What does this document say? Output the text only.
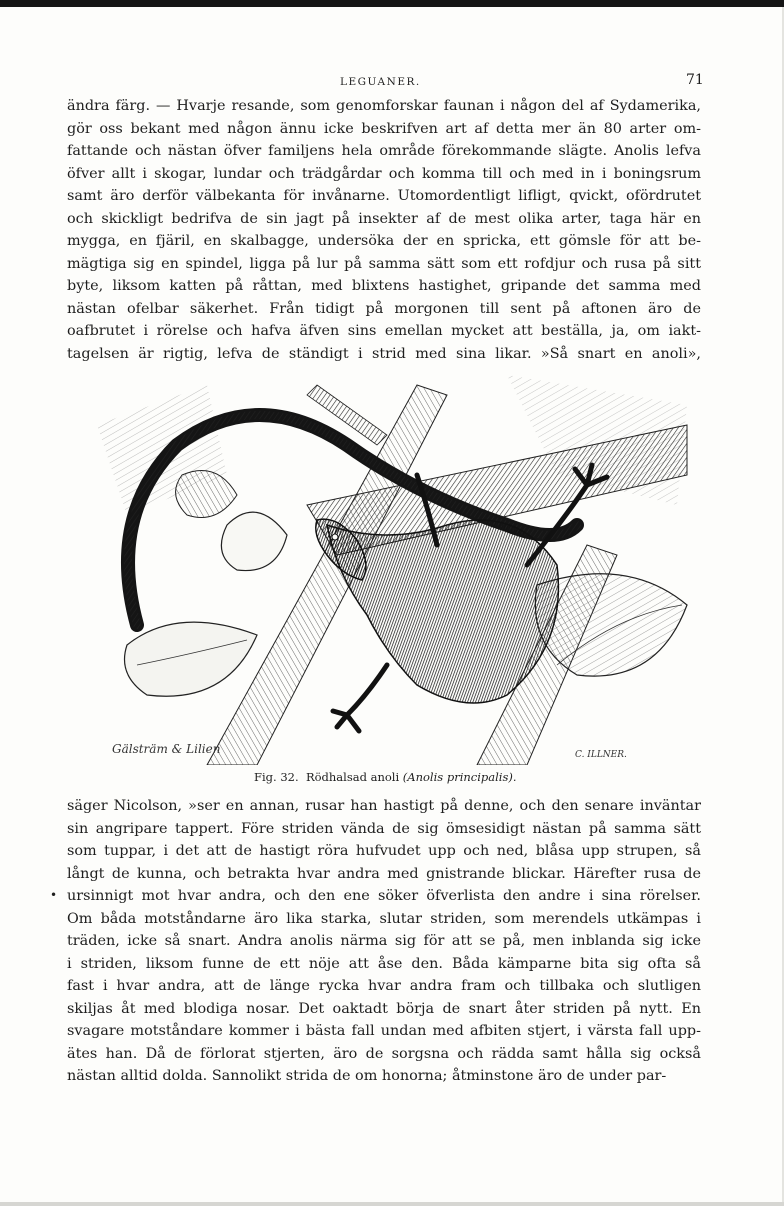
LEGUANER.	71
ändra färg. — Hvarje resande, som genomforskar faunan i någon del af Sydamerika,
gör oss bekant med någon ännu icke beskrifven art af detta mer än 80 arter om-
fattande och nästan öfver familjens hela område förekommande slägte. Anolis lefva
öfver allt i skogar, lundar och trädgårdar och komma till och med in i boningsrum
samt äro derför välbekanta för invånarne. Utomordentligt lifligt, qvickt, ofördrutet
och skickligt bedrifva de sin jagt på insekter af de mest olika arter, taga här en
mygga, en fjäril, en skalbagge, undersöka der en spricka, ett gömsle för att be-
mägtiga sig en spindel, ligga på lur på samma sätt som ett rofdjur och rusa på sitt
byte, liksom katten på råttan, med blixtens hastighet, gripande det samma med
nästan ofelbar säkerhet. Från tidigt på morgonen till sent på aftonen äro de
oafbrutet i rörelse och hafva äfven sins emellan mycket att beställa, ja, om iakt-
tagelsen är rigtig, lefva de ständigt i strid med sina likar. »Så snart en anoli»,
Gälsträm & Lilien	C. ILLNER.
Fig. 32. Rödhalsad anoli (Anolis principalis).
•
säger Nicolson, »ser en annan, rusar han hastigt på denne, och den senare inväntar
sin angripare tappert. Före striden vända de sig ömsesidigt nästan på samma sätt
som tuppar, i det att de hastigt röra hufvudet upp och ned, blåsa upp strupen, så
långt de kunna, och betrakta hvar andra med gnistrande blickar. Härefter rusa de
ursinnigt mot hvar andra, och den ene söker öfverlista den andre i sina rörelser.
Om båda motståndarne äro lika starka, slutar striden, som merendels utkämpas i
träden, icke så snart. Andra anolis närma sig för att se på, men inblanda sig icke
i striden, liksom funne de ett nöje att åse den. Båda kämparne bita sig ofta så
fast i hvar andra, att de länge rycka hvar andra fram och tillbaka och slutligen
skiljas åt med blodiga nosar. Det oaktadt börja de snart åter striden på nytt. En
svagare motståndare kommer i bästa fall undan med afbiten stjert, i värsta fall upp-
ätes han. Då de förlorat stjerten, äro de sorgsna och rädda samt hålla sig också
nästan alltid dolda. Sannolikt strida de om honorna; åtminstone äro de under par-
